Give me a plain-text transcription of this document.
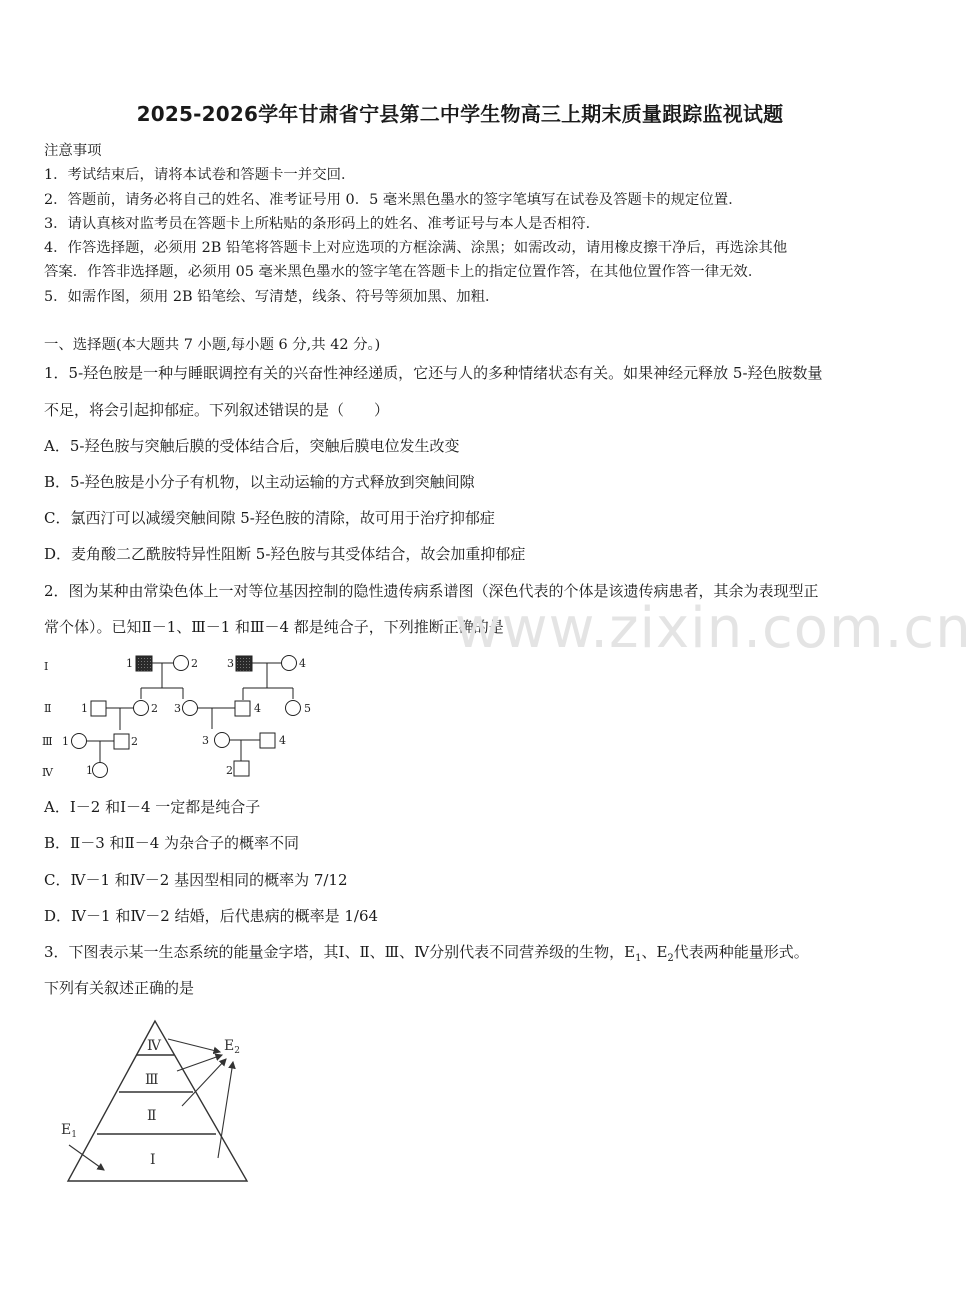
2025-2026学年甘肃省宁县第二中学生物高三上期末质量跟踪监视试题
注意事项
1．考试结束后，请将本试卷和答题卡一并交回．
2．答题前，请务必将自己的姓名、准考证号用 0．5 毫米黑色墨水的签字笔填写在试卷及答题卡的规定位置．
3．请认真核对监考员在答题卡上所粘贴的条形码上的姓名、准考证号与本人是否相符．
4．作答选择题，必须用 2B 铅笔将答题卡上对应选项的方框涂满、涂黑；如需改动，请用橡皮擦干净后，再选涂其他
答案．作答非选择题，必须用 05 毫米黑色墨水的签字笔在答题卡上的指定位置作答，在其他位置作答一律无效．
5．如需作图，须用 2B 铅笔绘、写清楚，线条、符号等须加黑、加粗．
一、选择题(本大题共 7 小题,每小题 6 分,共 42 分。)
1．5-羟色胺是一种与睡眠调控有关的兴奋性神经递质，它还与人的多种情绪状态有关。如果神经元释放 5-羟色胺数量
不足，将会引起抑郁症。下列叙述错误的是（　　）
A．5-羟色胺与突触后膜的受体结合后，突触后膜电位发生改变
B．5-羟色胺是小分子有机物，以主动运输的方式释放到突触间隙
C．氯西汀可以减缓突触间隙 5-羟色胺的清除，故可用于治疗抑郁症
D．麦角酸二乙酰胺特异性阻断 5-羟色胺与其受体结合，故会加重抑郁症
2．图为某种由常染色体上一对等位基因控制的隐性遗传病系谱图（深色代表的个体是该遗传病患者，其余为表现型正
常个体）。已知Ⅱ－1、Ⅲ－1 和Ⅲ－4 都是纯合子，下列推断正确的是
Ⅰ
Ⅱ
Ⅲ
Ⅳ
1	2	3	4
1	2 3	4	5
1	2	3	4
1	2
A．Ⅰ－2 和Ⅰ－4 一定都是纯合子
B．Ⅱ－3 和Ⅱ－4 为杂合子的概率不同
C．Ⅳ－1 和Ⅳ－2 基因型相同的概率为 7/12
D．Ⅳ－1 和Ⅳ－2 结婚，后代患病的概率是 1/64
3．下图表示某一生态系统的能量金字塔，其Ⅰ、Ⅱ、Ⅲ、Ⅳ分别代表不同营养级的生物，$E_1$、$E_2$代表两种能量形式。
下列有关叙述正确的是
Ⅳ
Ⅲ
Ⅱ
Ⅰ
$E_2$
$E_1$
www.zixin.com.cn
